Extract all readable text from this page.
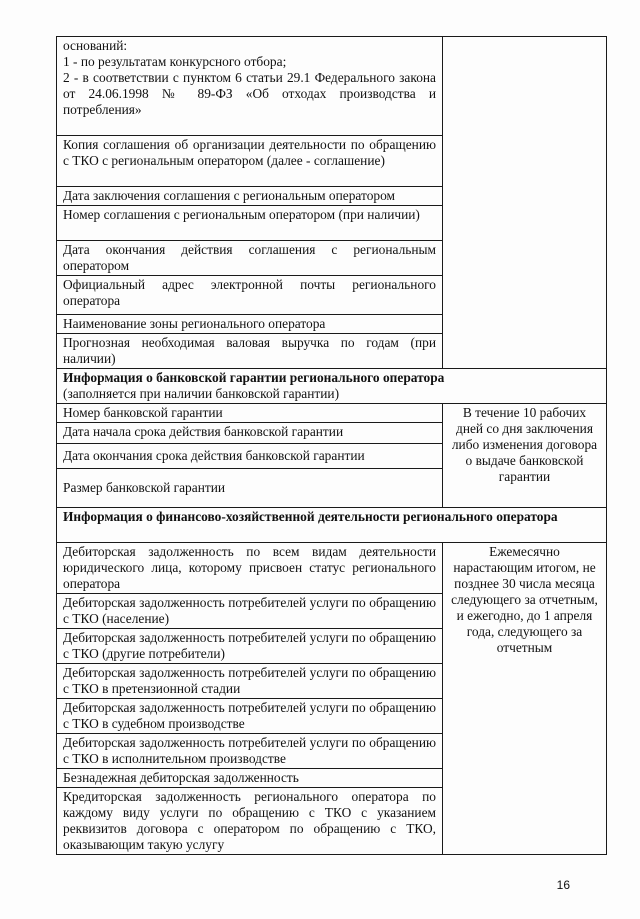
оснований:
1 - по результатам конкурсного отбора;
2 - в соответствии с пунктом 6 статьи 29.1 Федерального закона от 24.06.1998 № 89-ФЗ «Об отходах производства и потребления»	

Копия соглашения об организации деятельности по обращению с ТКО с региональным оператором (далее - соглашение)	
Дата заключения соглашения с региональным оператором	
Номер соглашения с региональным оператором (при наличии)	
Дата окончания действия соглашения с региональным оператором	
Официальный адрес электронной почты регионального оператора	
Наименование зоны регионального оператора	
Прогнозная необходимая валовая выручка по годам (при наличии)	
Информация о банковской гарантии регионального оператора
(заполняется при наличии банковской гарантии)	

Номер банковской гарантии	В течение 10 рабочих дней со дня заключения либо изменения договора о выдаче банковской гарантии
Дата начала срока действия банковской гарантии	
Дата окончания срока действия банковской гарантии	
Размер банковской гарантии	
Информация о финансово-хозяйственной деятельности регионального оператора	
Дебиторская задолженность по всем видам деятельности юридического лица, которому присвоен статус регионального оператора	Ежемесячно нарастающим итогом, не позднее 30 числа месяца следующего за отчетным, и ежегодно, до 1 апреля года, следующего за отчетным
Дебиторская задолженность потребителей услуги по обращению с ТКО (население)	
Дебиторская задолженность потребителей услуги по обращению с ТКО (другие потребители)	
Дебиторская задолженность потребителей услуги по обращению с ТКО в претензионной стадии	
Дебиторская задолженность потребителей услуги по обращению с ТКО в судебном производстве	
Дебиторская задолженность потребителей услуги по обращению с ТКО в исполнительном производстве	
Безнадежная дебиторская задолженность	
Кредиторская задолженность регионального оператора по каждому виду услуги по обращению с ТКО с указанием реквизитов договора с оператором по обращению с ТКО, оказывающим такую услугу	
16
